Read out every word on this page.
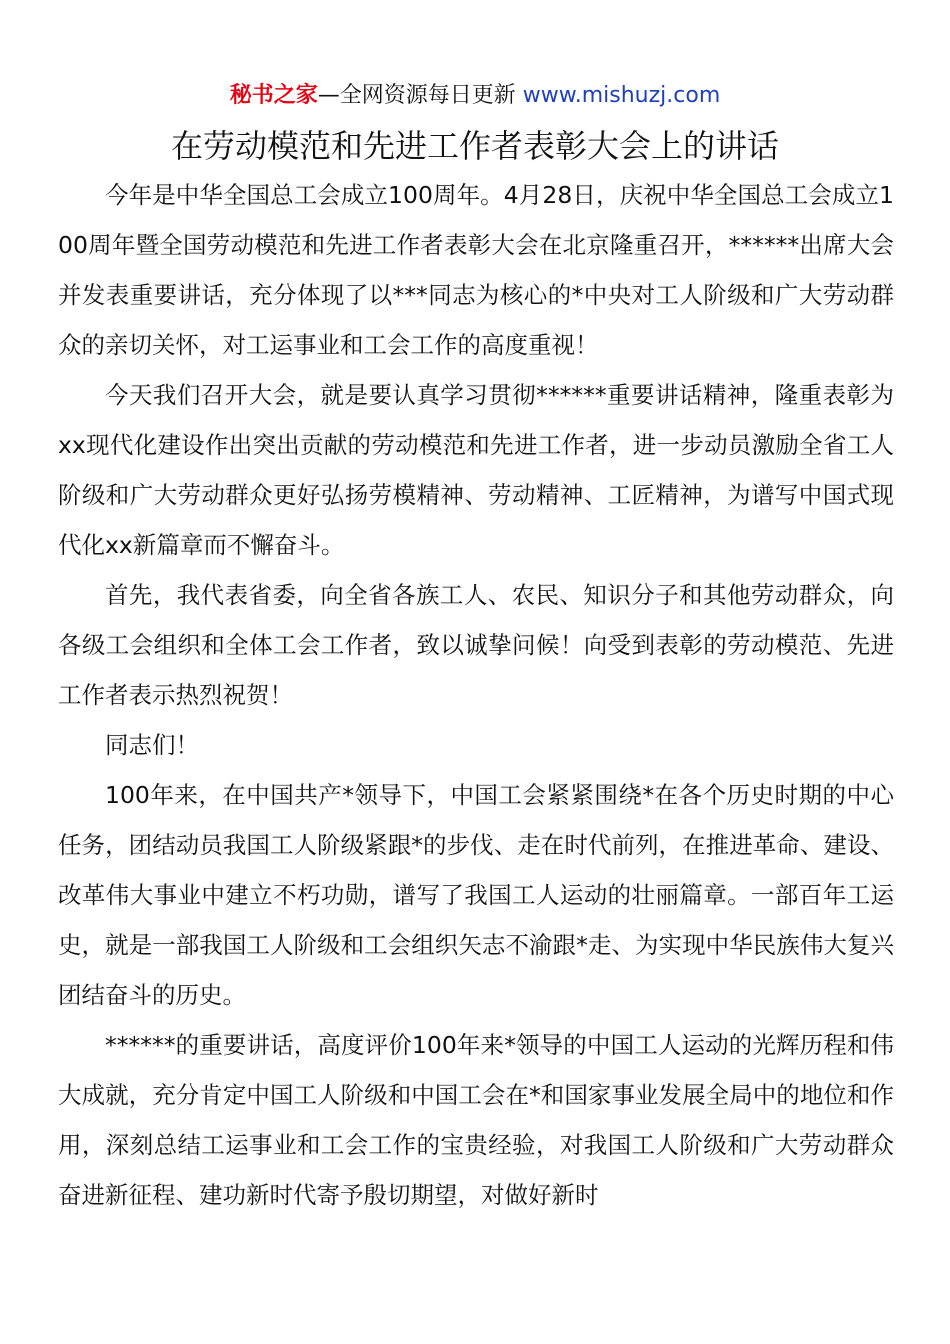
秘书之家—全网资源每日更新 www.mishuzj.com
在劳动模范和先进工作者表彰大会上的讲话

今年是中华全国总工会成立100周年。4月28日，庆祝中华全国总工会成立100周年暨全国劳动模范和先进工作者表彰大会在北京隆重召开，******出席大会并发表重要讲话，充分体现了以***同志为核心的*中央对工人阶级和广大劳动群众的亲切关怀，对工运事业和工会工作的高度重视！

今天我们召开大会，就是要认真学习贯彻******重要讲话精神，隆重表彰为xx现代化建设作出突出贡献的劳动模范和先进工作者，进一步动员激励全省工人阶级和广大劳动群众更好弘扬劳模精神、劳动精神、工匠精神，为谱写中国式现代化xx新篇章而不懈奋斗。

首先，我代表省委，向全省各族工人、农民、知识分子和其他劳动群众，向各级工会组织和全体工会工作者，致以诚挚问候！向受到表彰的劳动模范、先进工作者表示热烈祝贺！

同志们！

100年来，在中国共产*领导下，中国工会紧紧围绕*在各个历史时期的中心任务，团结动员我国工人阶级紧跟*的步伐、走在时代前列，在推进革命、建设、改革伟大事业中建立不朽功勋，谱写了我国工人运动的壮丽篇章。一部百年工运史，就是一部我国工人阶级和工会组织矢志不渝跟*走、为实现中华民族伟大复兴团结奋斗的历史。

******的重要讲话，高度评价100年来*领导的中国工人运动的光辉历程和伟大成就，充分肯定中国工人阶级和中国工会在*和国家事业发展全局中的地位和作用，深刻总结工运事业和工会工作的宝贵经验，对我国工人阶级和广大劳动群众奋进新征程、建功新时代寄予殷切期望，对做好新时
